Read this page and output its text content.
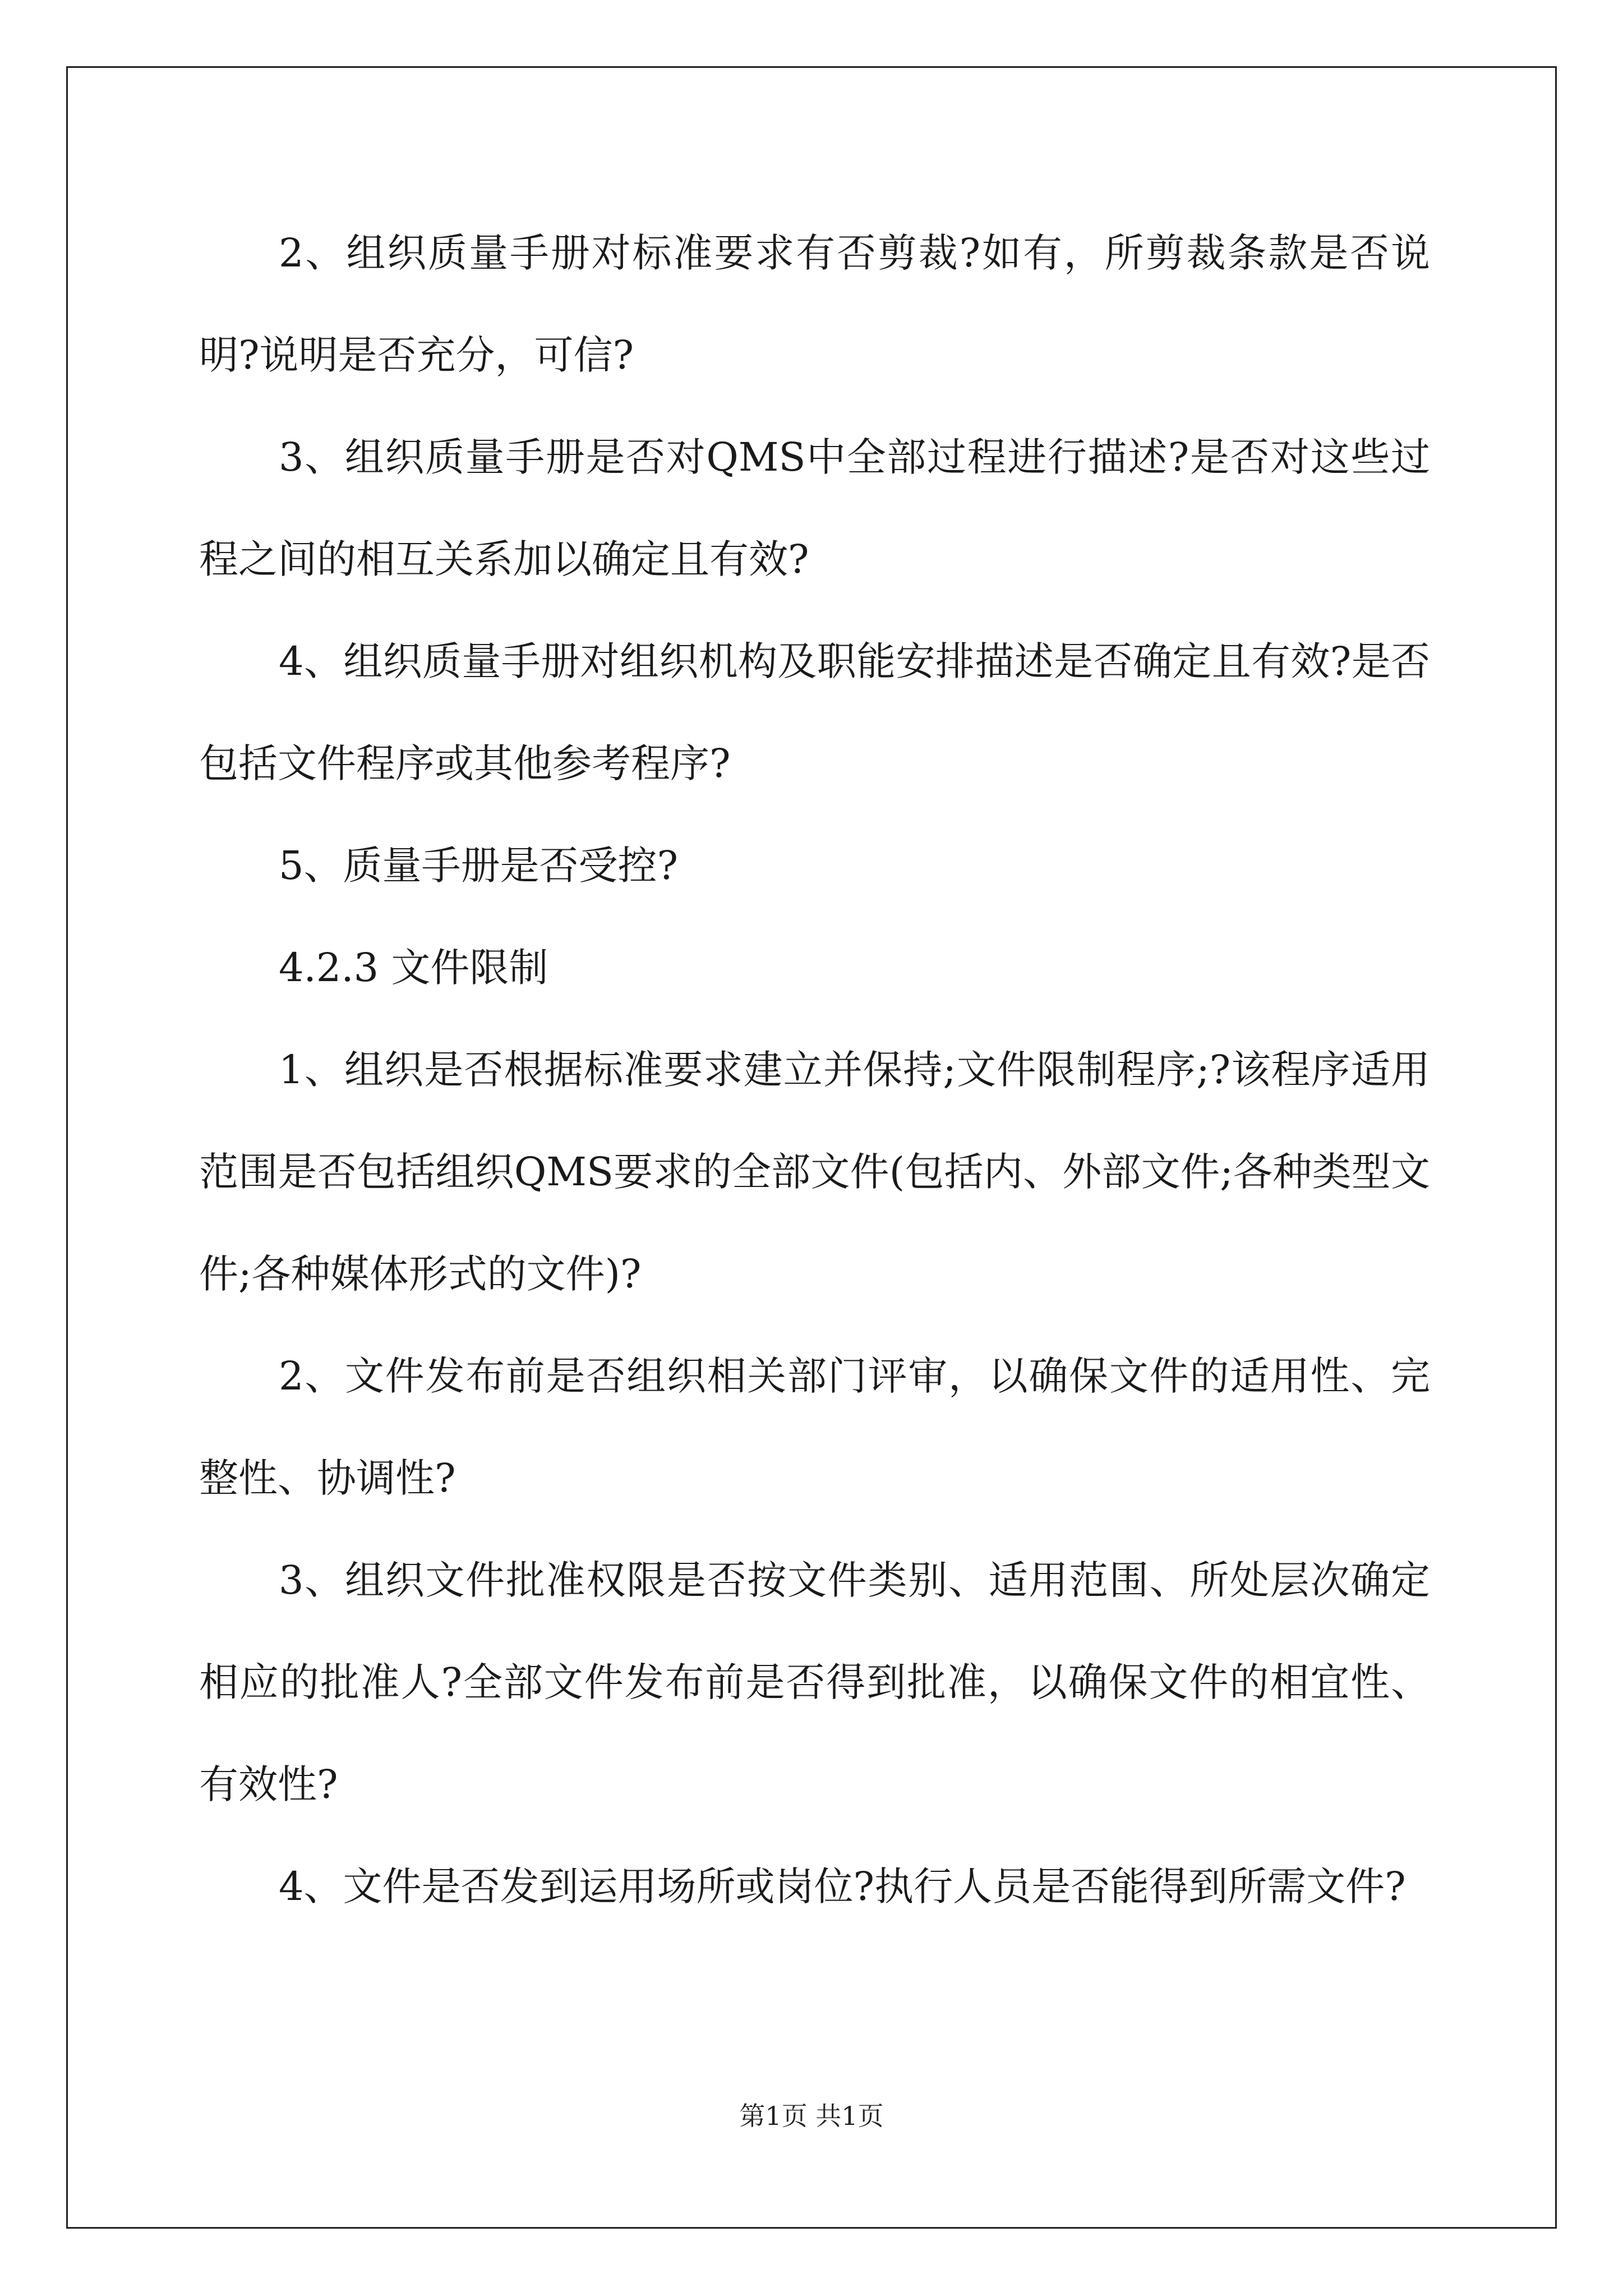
2、组织质量手册对标准要求有否剪裁?如有，所剪裁条款是否说明?说明是否充分，可信?

3、组织质量手册是否对QMS中全部过程进行描述?是否对这些过程之间的相互关系加以确定且有效?

4、组织质量手册对组织机构及职能安排描述是否确定且有效?是否包括文件程序或其他参考程序?

5、质量手册是否受控?

4.2.3 文件限制

1、组织是否根据标准要求建立并保持;文件限制程序;?该程序适用范围是否包括组织QMS要求的全部文件(包括内、外部文件;各种类型文件;各种媒体形式的文件)?

2、文件发布前是否组织相关部门评审，以确保文件的适用性、完整性、协调性?

3、组织文件批准权限是否按文件类别、适用范围、所处层次确定相应的批准人?全部文件发布前是否得到批准，以确保文件的相宜性、有效性?

4、文件是否发到运用场所或岗位?执行人员是否能得到所需文件?

第1页 共1页
